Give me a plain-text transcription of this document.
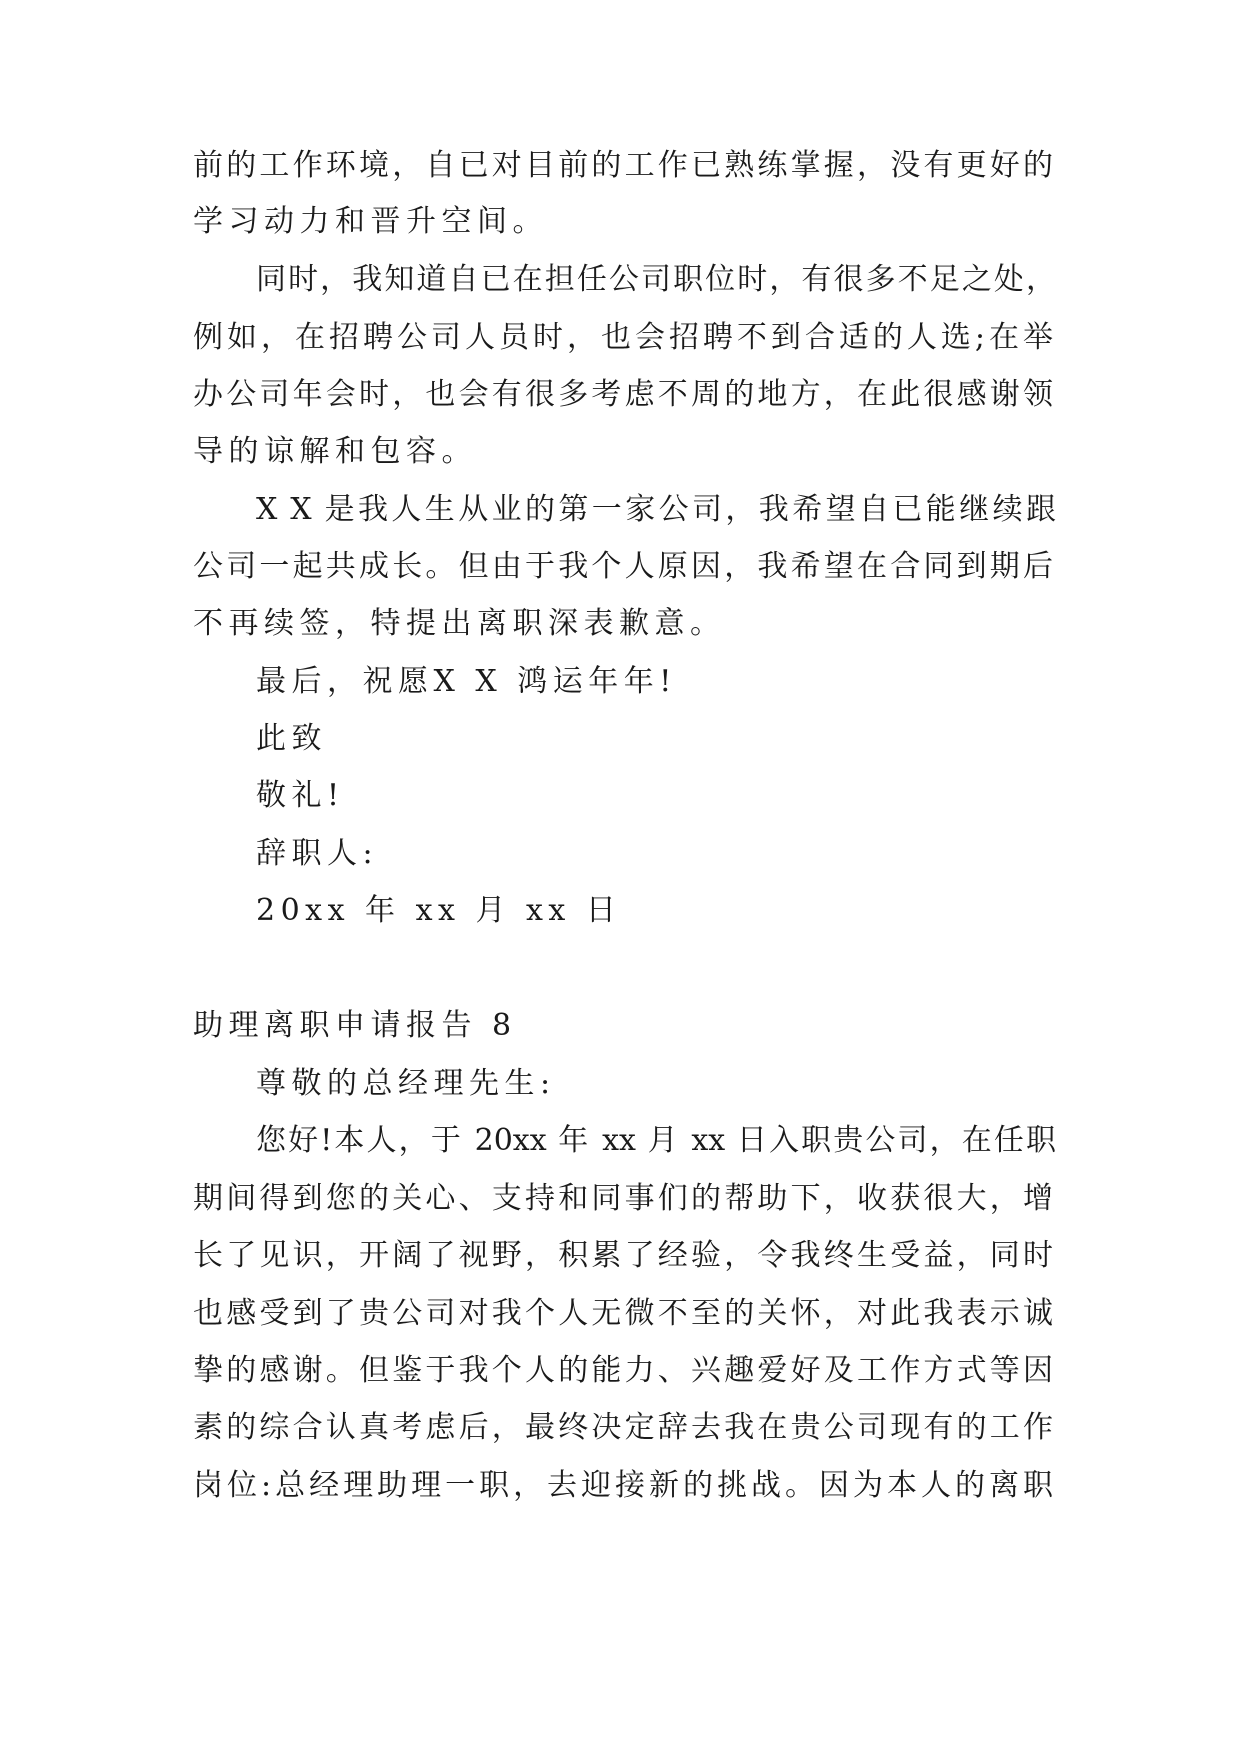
前的工作环境，自已对目前的工作已熟练掌握，没有更好的
学习动力和晋升空间。
同时，我知道自已在担任公司职位时，有很多不足之处，
例如，在招聘公司人员时，也会招聘不到合适的人选;在举
办公司年会时，也会有很多考虑不周的地方，在此很感谢领
导的谅解和包容。
X X 是我人生从业的第一家公司，我希望自已能继续跟
公司一起共成长。但由于我个人原因，我希望在合同到期后
不再续签，特提出离职深表歉意。
最后，祝愿X X 鸿运年年!
此致
敬礼!
辞职人:
20xx 年 xx 月 xx 日
助理离职申请报告 8
尊敬的总经理先生:
您好!本人，于 20xx 年 xx 月 xx 日入职贵公司，在任职
期间得到您的关心、支持和同事们的帮助下，收获很大，增
长了见识，开阔了视野，积累了经验，令我终生受益，同时
也感受到了贵公司对我个人无微不至的关怀，对此我表示诚
挚的感谢。但鉴于我个人的能力、兴趣爱好及工作方式等因
素的综合认真考虑后，最终决定辞去我在贵公司现有的工作
岗位:总经理助理一职，去迎接新的挑战。因为本人的离职
